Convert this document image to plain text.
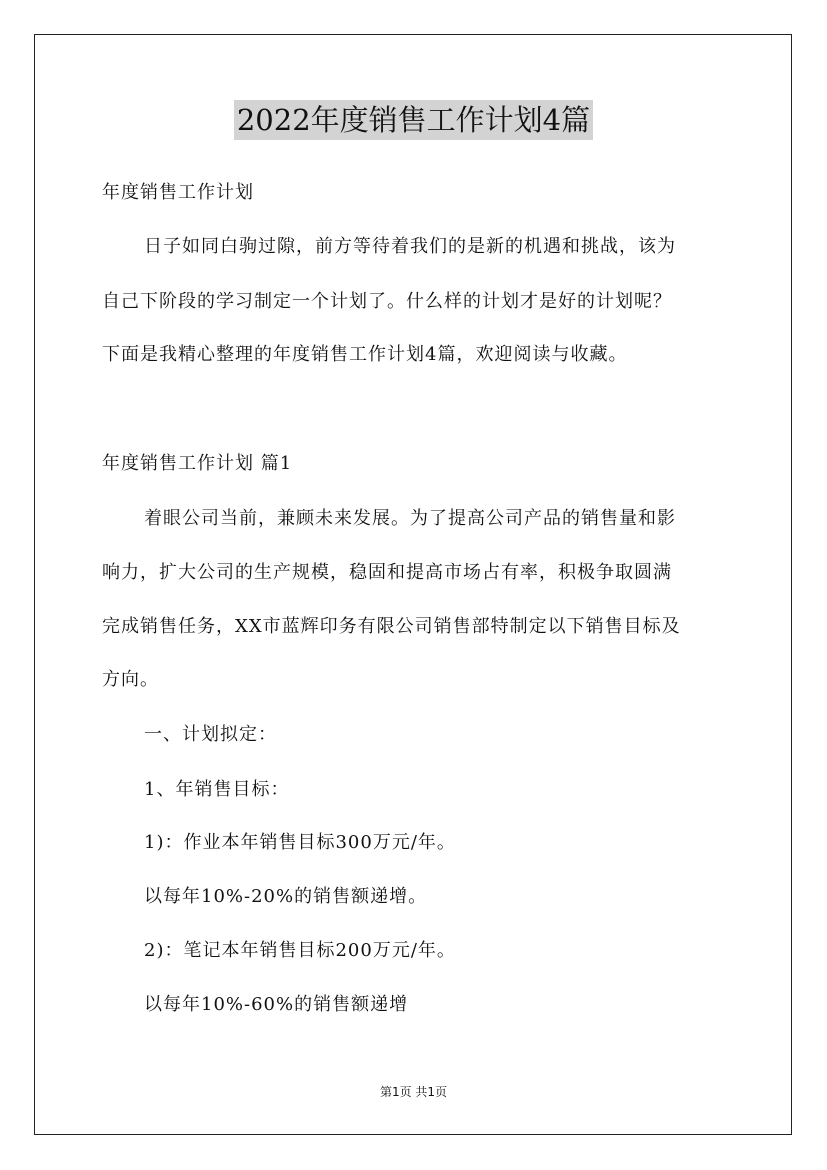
2022年度销售工作计划4篇
年度销售工作计划
日子如同白驹过隙，前方等待着我们的是新的机遇和挑战，该为
自己下阶段的学习制定一个计划了。什么样的计划才是好的计划呢？
下面是我精心整理的年度销售工作计划4篇，欢迎阅读与收藏。
年度销售工作计划 篇1
着眼公司当前，兼顾未来发展。为了提高公司产品的销售量和影
响力，扩大公司的生产规模，稳固和提高市场占有率，积极争取圆满
完成销售任务，XX市蓝辉印务有限公司销售部特制定以下销售目标及
方向。
一、计划拟定：
1、年销售目标：
1)：作业本年销售目标300万元/年。
以每年10%-20%的销售额递增。
2)：笔记本年销售目标200万元/年。
以每年10%-60%的销售额递增
第1页 共1页
